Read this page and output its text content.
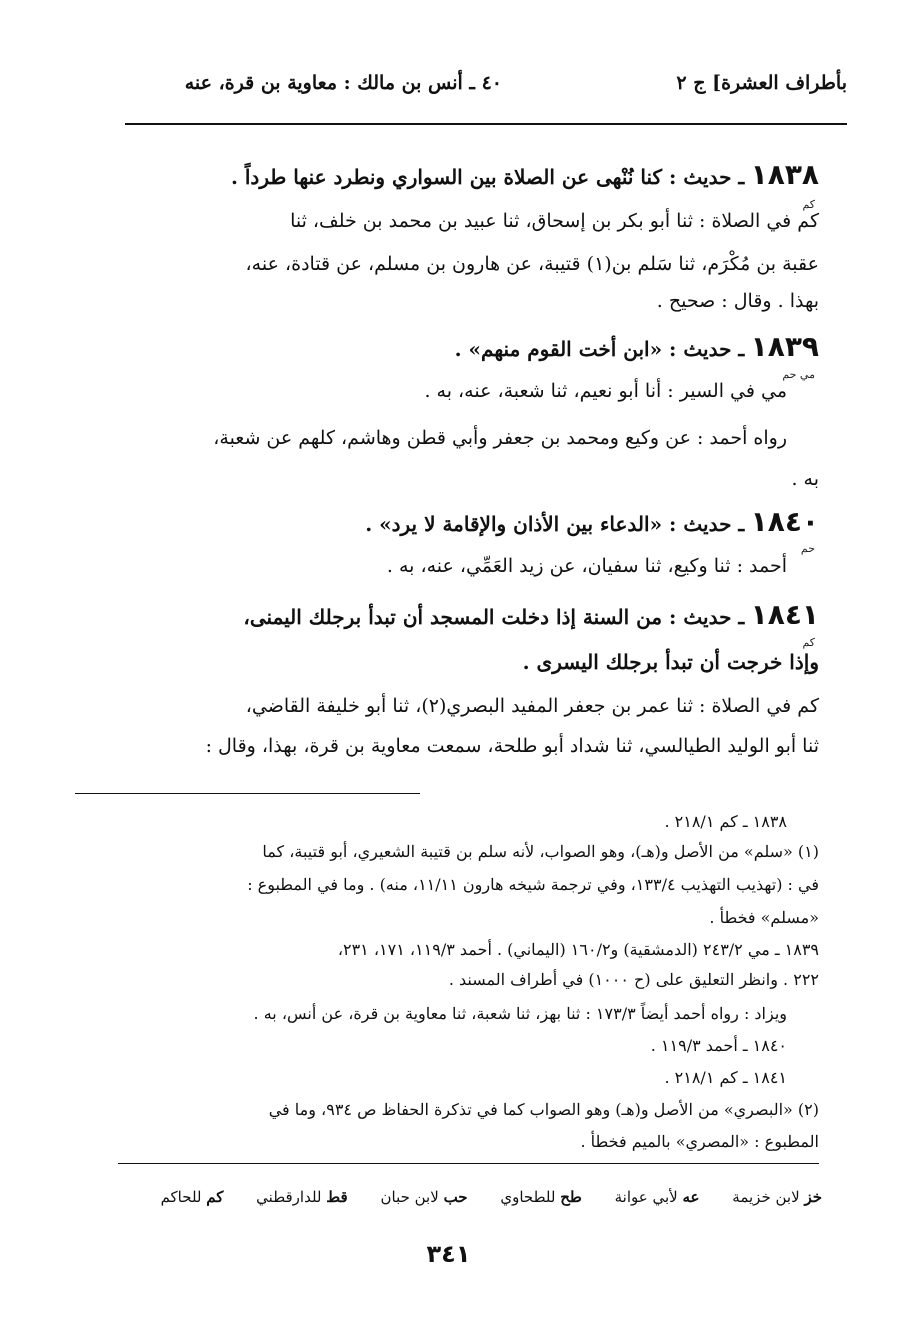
بأطراف العشرة] ج ٢
٤٠ ـ أنس بن مالك : معاوية بن قرة، عنه
١٨٣٨ ـ حديث : كنا نُنْهى عن الصلاة بين السواري ونطرد عنها طرداً .
كم
كم في الصلاة : ثنا أبو بكر بن إسحاق، ثنا عبيد بن محمد بن خلف، ثنا
عقبة بن مُكْرَم، ثنا سَلم بن(١) قتيبة، عن هارون بن مسلم، عن قتادة، عنه،
بهذا . وقال : صحيح .
١٨٣٩ ـ حديث : «ابن أخت القوم منهم» .
مي حم
مي في السير : أنا أبو نعيم، ثنا شعبة، عنه، به .
رواه أحمد : عن وكيع ومحمد بن جعفر وأبي قطن وهاشم، كلهم عن شعبة،
به .
١٨٤٠ ـ حديث : «الدعاء بين الأذان والإقامة لا يرد» .
حم
أحمد : ثنا وكيع، ثنا سفيان، عن زيد العَمِّي، عنه، به .
١٨٤١ ـ حديث : من السنة إذا دخلت المسجد أن تبدأ برجلك اليمنى،
كم
وإذا خرجت أن تبدأ برجلك اليسرى .
كم في الصلاة : ثنا عمر بن جعفر المفيد البصري(٢)، ثنا أبو خليفة القاضي،
ثنا أبو الوليد الطيالسي، ثنا شداد أبو طلحة، سمعت معاوية بن قرة، بهذا، وقال :
١٨٣٨ ـ كم ٢١٨/١ .
(١) «سلم» من الأصل و(هـ)، وهو الصواب، لأنه سلم بن قتيبة الشعيري، أبو قتيبة، كما
في : (تهذيب التهذيب ١٣٣/٤، وفي ترجمة شيخه هارون ١١/١١، منه) . وما في المطبوع :
«مسلم» فخطأ .
١٨٣٩ ـ مي ٢٤٣/٢ (الدمشقية) و١٦٠/٢ (اليماني) . أحمد ١١٩/٣، ١٧١، ٢٣١،
٢٢٢ . وانظر التعليق على (ح ١٠٠٠) في أطراف المسند .
ويزاد : رواه أحمد أيضاً ١٧٣/٣ : ثنا بهز، ثنا شعبة، ثنا معاوية بن قرة، عن أنس، به .
١٨٤٠ ـ أحمد ١١٩/٣ .
١٨٤١ ـ كم ٢١٨/١ .
(٢) «البصري» من الأصل و(هـ) وهو الصواب كما في تذكرة الحفاظ ص ٩٣٤، وما في
المطبوع : «المصري» بالميم فخطأ .
خز لابن خزيمة عه لأبي عوانة طح للطحاوي حب لابن حبان قط للدارقطني كم للحاكم
٣٤١
